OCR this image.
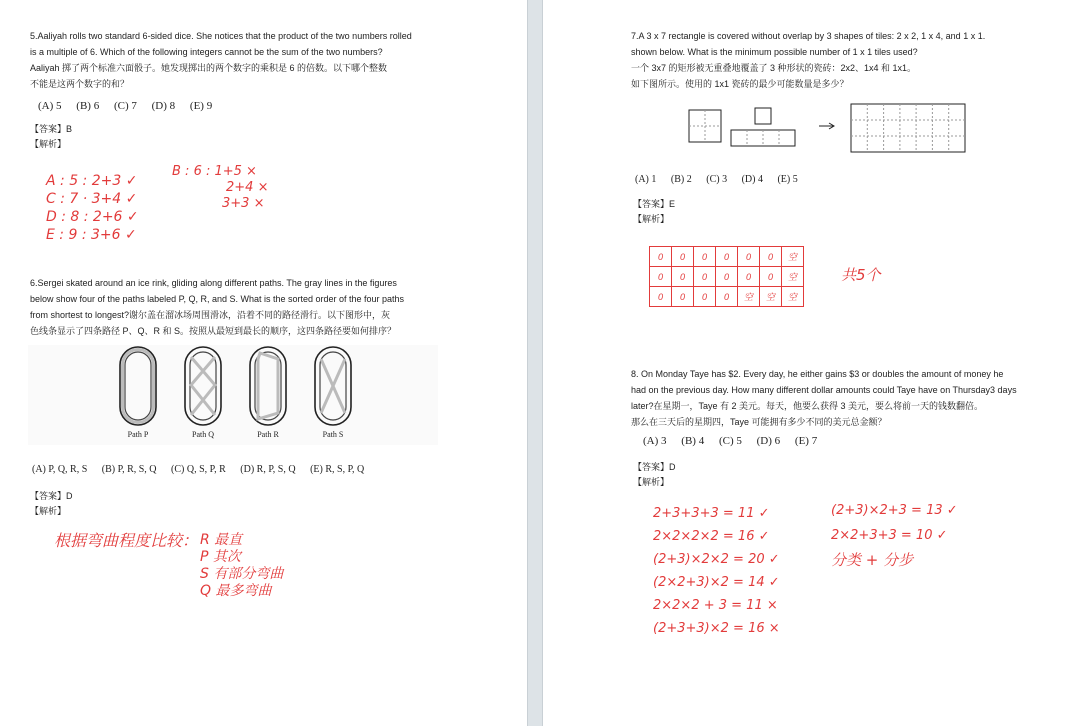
5.Aaliyah rolls two standard 6-sided dice. She notices that the product of the two numbers rolled
is a multiple of 6. Which of the following integers cannot be the sum of the two numbers?
Aaliyah 掷了两个标准六面骰子。她发现掷出的两个数字的乘积是 6 的倍数。以下哪个整数
不能是这两个数字的和？
(A) 5 (B) 6 (C) 7 (D) 8 (E) 9
【答案】B
【解析】
A : 5 : 2+3 ✓
C : 7 · 3+4 ✓
D : 8 : 2+6 ✓
E : 9 : 3+6 ✓
B : 6 : 1+5 ×
2+4 ×
3+3 ×
6.Sergei skated around an ice rink, gliding along different paths. The gray lines in the figures
below show four of the paths labeled P, Q, R, and S. What is the sorted order of the four paths
from shortest to longest?谢尔盖在溜冰场周围滑冰，沿着不同的路径滑行。以下图形中，灰
色线条显示了四条路径 P、Q、R 和 S。按照从最短到最长的顺序，这四条路径要如何排序？
Path P	Path Q	Path R	Path S
(A) P, Q, R, S (B) P, R, S, Q (C) Q, S, P, R (D) R, P, S, Q (E) R, S, P, Q
【答案】D
【解析】
根据弯曲程度比较： R 最直
P 其次
S 有部分弯曲
Q 最多弯曲
7.A 3 x 7 rectangle is covered without overlap by 3 shapes of tiles: 2 x 2, 1 x 4, and 1 x 1.
shown below. What is the minimum possible number of 1 x 1 tiles used?
一个 3x7 的矩形被无重叠地覆盖了 3 种形状的瓷砖：2x2、1x4 和 1x1。
如下图所示。使用的 1x1 瓷砖的最少可能数量是多少？
(A) 1 (B) 2 (C) 3 (D) 4 (E) 5
【答案】E
【解析】
0	0	0	0	0	0	空
0	0	0	0	0	0	空
0	0	0	0	空	空	空
共5个
8. On Monday Taye has $2. Every day, he either gains $3 or doubles the amount of money he
had on the previous day. How many different dollar amounts could Taye have on Thursday3 days
later?在星期一，Taye 有 2 美元。每天，他要么获得 3 美元，要么将前一天的钱数翻倍。
那么在三天后的星期四，Taye 可能拥有多少不同的美元总金额？
(A) 3 (B) 4 (C) 5 (D) 6 (E) 7
【答案】D
【解析】
2+3+3+3 = 11 ✓
2×2×2×2 = 16 ✓
(2+3)×2×2 = 20 ✓
(2×2+3)×2 = 14 ✓
2×2×2 + 3 = 11 ×
(2+3+3)×2 = 16 ×
(2+3)×2+3 = 13 ✓
2×2+3+3 = 10 ✓
分类 + 分步
